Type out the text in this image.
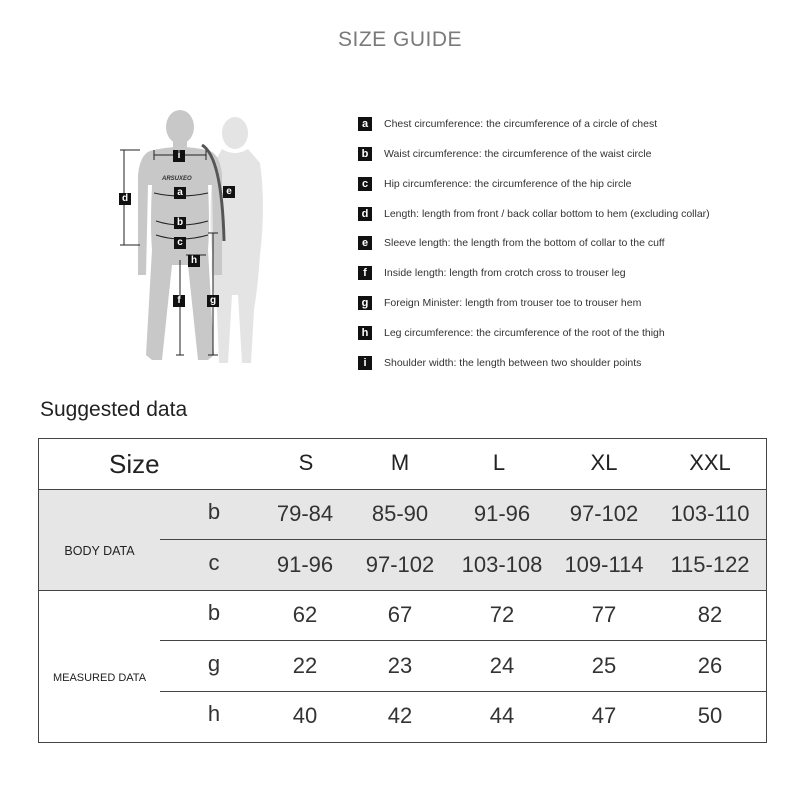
SIZE GUIDE
ARSUXEO
i
a	e
d
b
c
h
f	g
a	Chest circumference: the circumference of a circle of chest
b	Waist circumference: the circumference of the waist circle
c	Hip circumference: the circumference of the hip circle
d	Length: length from front / back collar bottom to hem (excluding collar)
e	Sleeve length: the length from the bottom of collar to the cuff
f	Inside length: length from crotch cross to trouser leg
g	Foreign Minister: length from trouser toe to trouser hem
h	Leg circumference: the circumference of the root of the thigh
i	Shoulder width: the length between two shoulder points
Suggested data
Size	S	M	L	XL	XXL
BODY DATA
MEASURED DATA
b	79-84	85-90	91-96	97-102	103-110
c	91-96	97-102	103-108	109-114	115-122
b	62	67	72	77	82
g	22	23	24	25	26
h	40	42	44	47	50
